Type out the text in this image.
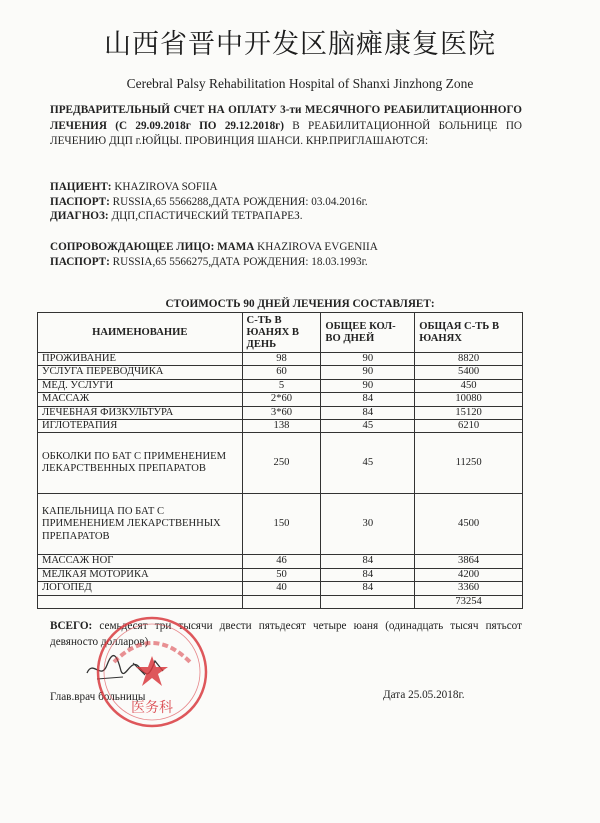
山西省晋中开发区脑瘫康复医院
Cerebral Palsy Rehabilitation Hospital of Shanxi Jinzhong Zone
ПРЕДВАРИТЕЛЬНЫЙ СЧЕТ НА ОПЛАТУ 3-ти МЕСЯЧНОГО РЕАБИЛИТАЦИОННОГО ЛЕЧЕНИЯ (С 29.09.2018г ПО 29.12.2018г) В РЕАБИЛИТАЦИОННОЙ БОЛЬНИЦЕ ПО ЛЕЧЕНИЮ ДЦП г.ЮЙЦЫ. ПРОВИНЦИЯ ШАНСИ. КНР.ПРИГЛАШАЮТСЯ:
ПАЦИЕНТ: KHAZIROVA SOFIIA
ПАСПОРТ: RUSSIA,65 5566288,ДАТА РОЖДЕНИЯ: 03.04.2016г.
ДИАГНОЗ: ДЦП,СПАСТИЧЕСКИЙ ТЕТРАПАРЕЗ.
СОПРОВОЖДАЮЩЕЕ ЛИЦО: МАМА KHAZIROVA EVGENIIA
ПАСПОРТ: RUSSIA,65 5566275,ДАТА РОЖДЕНИЯ: 18.03.1993г.
СТОИМОСТЬ 90 ДНЕЙ ЛЕЧЕНИЯ СОСТАВЛЯЕТ:
НАИМЕНОВАНИЕ	С-ТЬ В ЮАНЯХ В ДЕНЬ	ОБЩЕЕ КОЛ-ВО ДНЕЙ	ОБЩАЯ С-ТЬ В ЮАНЯХ
ПРОЖИВАНИЕ	98	90	8820
УСЛУГА ПЕРЕВОДЧИКА	60	90	5400
МЕД. УСЛУГИ	5	90	450
МАССАЖ	2*60	84	10080
ЛЕЧЕБНАЯ ФИЗКУЛЬТУРА	3*60	84	15120
ИГЛОТЕРАПИЯ	138	45	6210
ОБКОЛКИ ПО БАТ С ПРИМЕНЕНИЕМ ЛЕКАРСТВЕННЫХ ПРЕПАРАТОВ	250	45	11250
КАПЕЛЬНИЦА ПО БАТ С ПРИМЕНЕНИЕМ ЛЕКАРСТВЕННЫХ ПРЕПАРАТОВ	150	30	4500
МАССАЖ НОГ	46	84	3864
МЕЛКАЯ МОТОРИКА	50	84	4200
ЛОГОПЕД	40	84	3360
			73254
ВСЕГО: семьдесят три тысячи двести пятьдесят четыре юаня (одинадцать тысяч пятьсот девяносто долларов)
Глав.врач больницы	Дата 25.05.2018г.
医务科
